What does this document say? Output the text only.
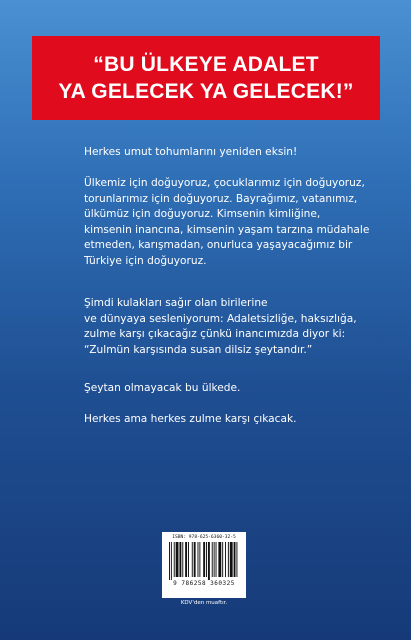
“BU ÜLKEYE ADALET
YA GELECEK YA GELECEK!”
Herkes umut tohumlarını yeniden eksin!
Ülkemiz için doğuyoruz, çocuklarımız için doğuyoruz,
torunlarımız için doğuyoruz. Bayrağımız, vatanımız,
ülkümüz için doğuyoruz. Kimsenin kimliğine,
kimsenin inancına, kimsenin yaşam tarzına müdahale
etmeden, karışmadan, onurluca yaşayacağımız bir
Türkiye için doğuyoruz.
Şimdi kulakları sağır olan birilerine
ve dünyaya sesleniyorum: Adaletsizliğe, haksızlığa,
zulme karşı çıkacağız çünkü inancımızda diyor ki:
“Zulmün karşısında susan dilsiz şeytandır.”
Şeytan olmayacak bu ülkede.
Herkes ama herkes zulme karşı çıkacak.
ISBN: 978-625-6360-32-5
9 786258 360325
KDV'den muaftır.
